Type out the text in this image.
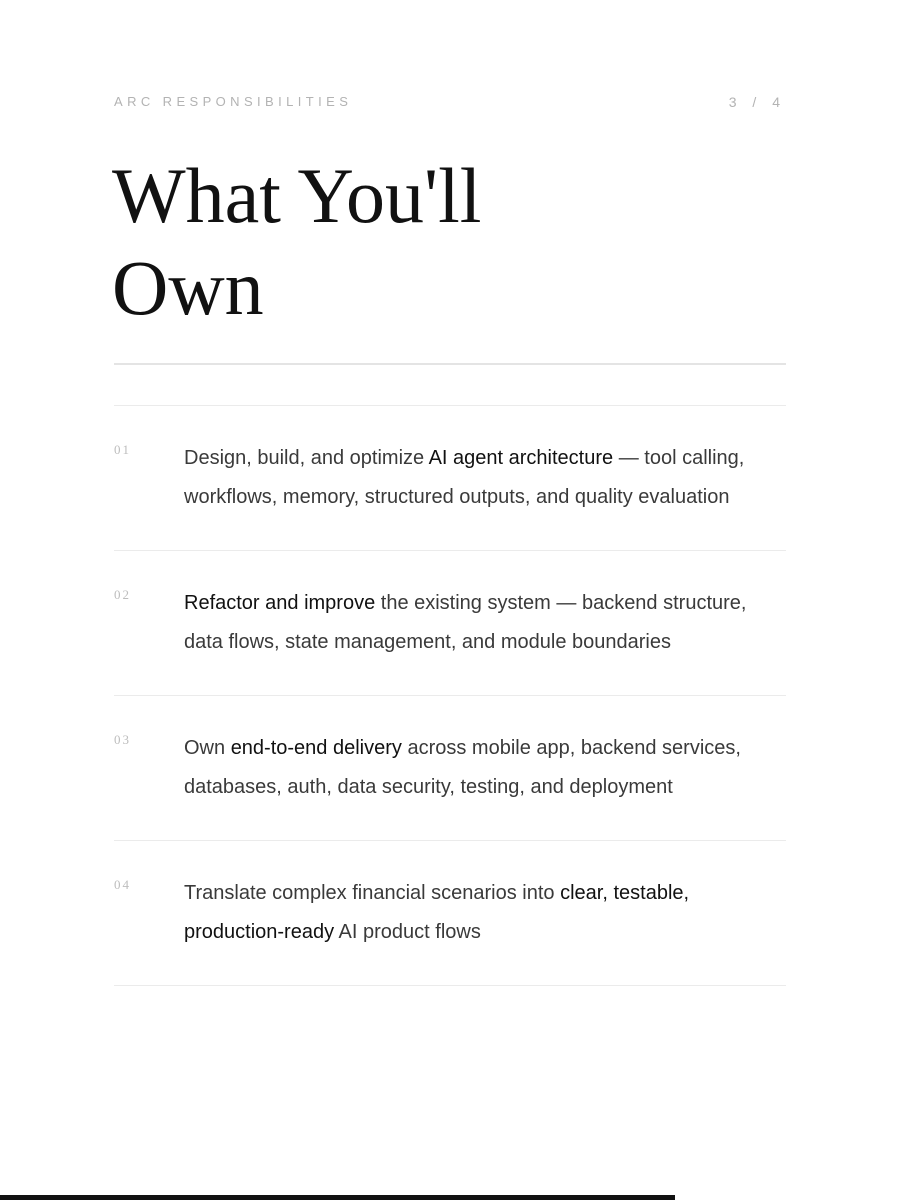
ARC RESPONSIBILITIES	3 / 4
What You'll Own
01	Design, build, and optimize AI agent architecture — tool calling, workflows, memory, structured outputs, and quality evaluation
02	Refactor and improve the existing system — backend structure, data flows, state management, and module boundaries
03	Own end-to-end delivery across mobile app, backend services, databases, auth, data security, testing, and deployment
04	Translate complex financial scenarios into clear, testable, production-ready AI product flows
